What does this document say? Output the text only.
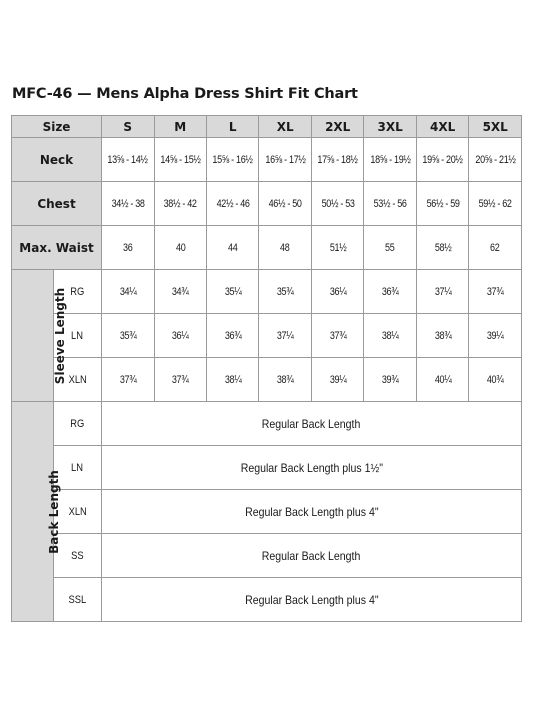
MFC-46 — Mens Alpha Dress Shirt Fit Chart
Size		S	M	L	XL	2XL	3XL	4XL	5XL
Neck		13⅝ - 14½	14⅝ - 15½	15⅝ - 16½	16⅝ - 17½	17⅝ - 18½	18⅝ - 19½	19⅝ - 20½	20⅝ - 21½
Chest		34½ - 38	38½ - 42	42½ - 46	46½ - 50	50½ - 53	53½ - 56	56½ - 59	59½ - 62
Max. Waist		36	40	44	48	51½	55	58½	62
Sleeve Length	RG	34¼	34¾	35¼	35¾	36¼	36¾	37¼	37¾
	LN	35¾	36¼	36¾	37¼	37¾	38¼	38¾	39¼
	XLN	37¾	37¾	38¼	38¾	39¼	39¾	40¼	40¾
Back Length	RG	Regular Back Length							
	LN	Regular Back Length plus 1½"							
	XLN	Regular Back Length plus 4"							
	SS	Regular Back Length							
	SSL	Regular Back Length plus 4"							
